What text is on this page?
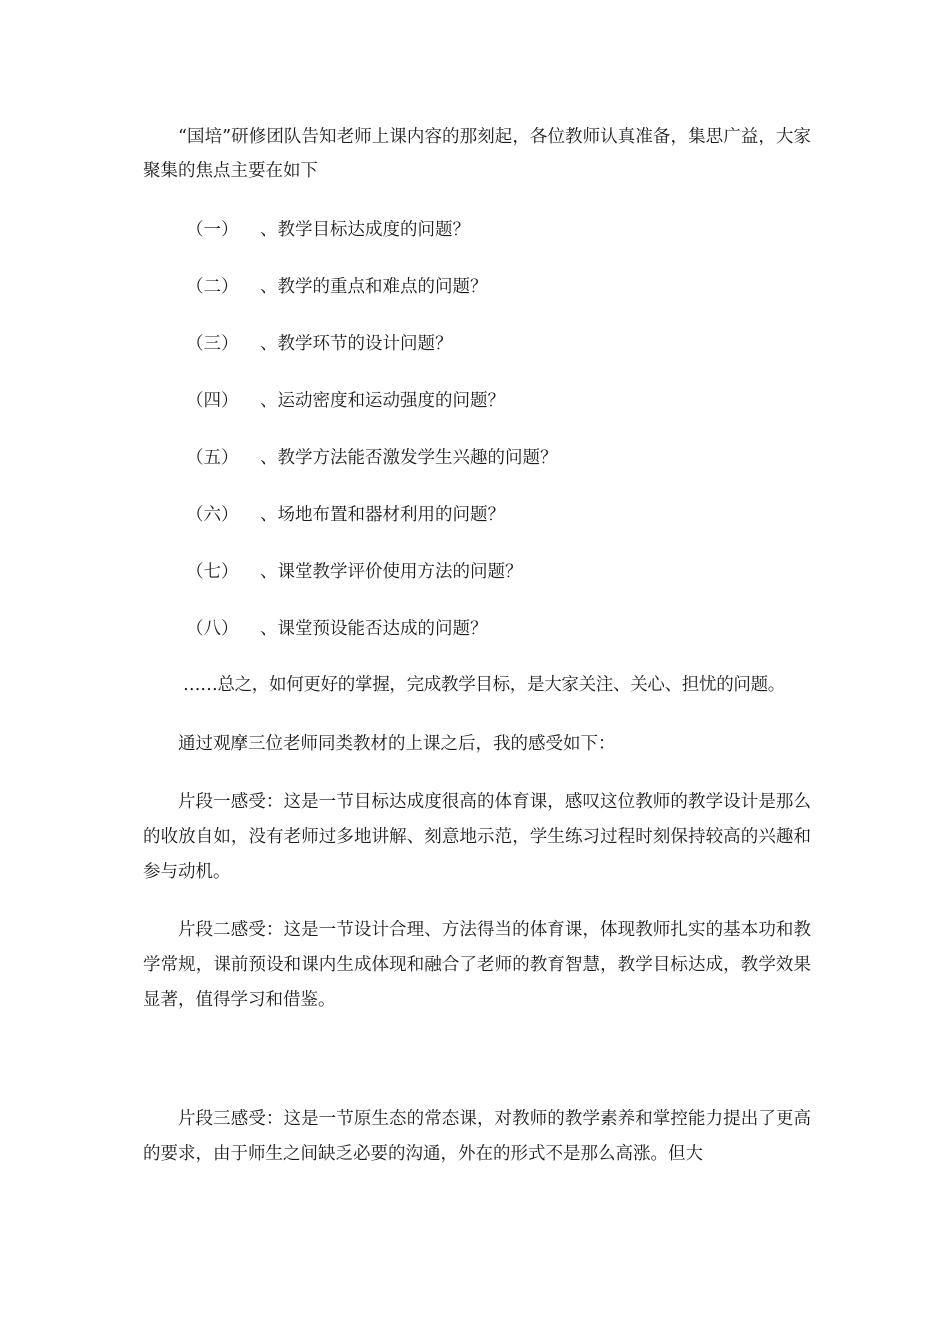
“国培”研修团队告知老师上课内容的那刻起，各位教师认真准备，集思广益，大家聚集的焦点主要在如下

（一） 、教学目标达成度的问题？

（二） 、教学的重点和难点的问题？

（三） 、教学环节的设计问题？

（四） 、运动密度和运动强度的问题？

（五） 、教学方法能否激发学生兴趣的问题？

（六） 、场地布置和器材利用的问题？

（七） 、课堂教学评价使用方法的问题？

（八） 、课堂预设能否达成的问题？

……总之，如何更好的掌握，完成教学目标，是大家关注、关心、担忧的问题。

通过观摩三位老师同类教材的上课之后，我的感受如下：

片段一感受：这是一节目标达成度很高的体育课，感叹这位教师的教学设计是那么的收放自如，没有老师过多地讲解、刻意地示范，学生练习过程时刻保持较高的兴趣和参与动机。

片段二感受：这是一节设计合理、方法得当的体育课，体现教师扎实的基本功和教学常规，课前预设和课内生成体现和融合了老师的教育智慧，教学目标达成，教学效果显著，值得学习和借鉴。

片段三感受：这是一节原生态的常态课，对教师的教学素养和掌控能力提出了更高的要求，由于师生之间缺乏必要的沟通，外在的形式不是那么高涨。但大
